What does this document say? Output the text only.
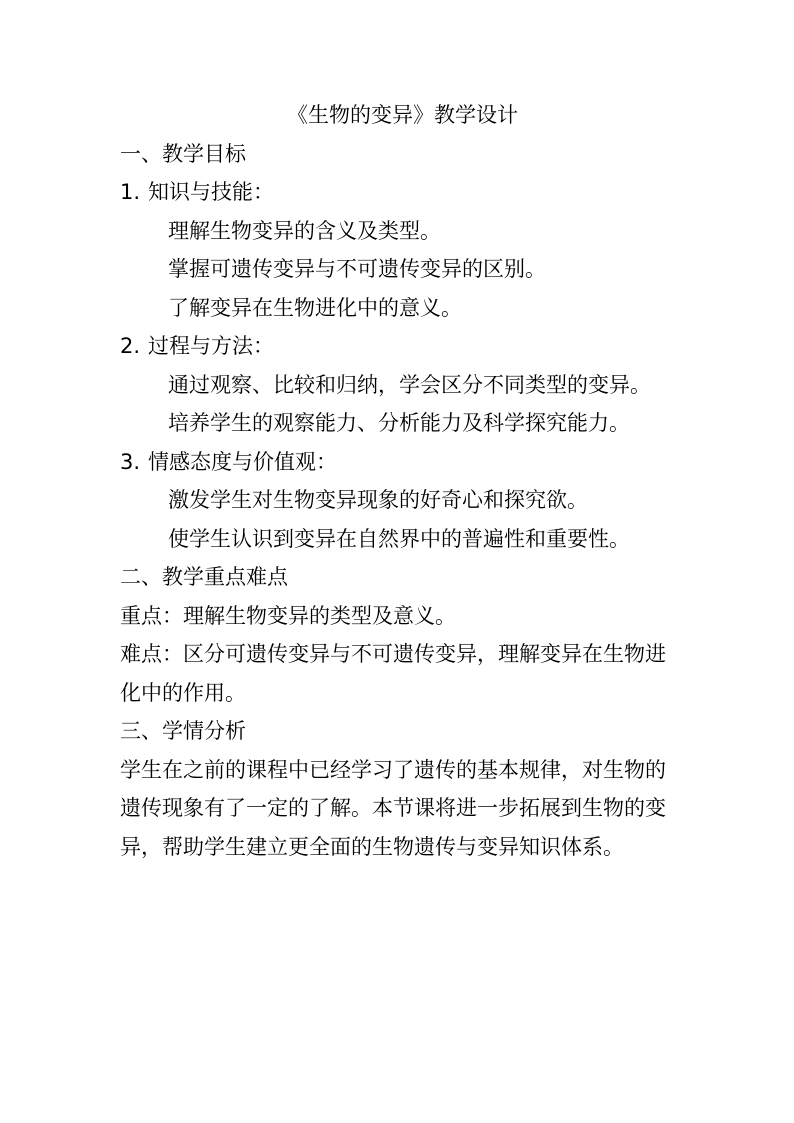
《生物的变异》教学设计

一、教学目标

1. 知识与技能：

理解生物变异的含义及类型。

掌握可遗传变异与不可遗传变异的区别。

了解变异在生物进化中的意义。

2. 过程与方法：

通过观察、比较和归纳，学会区分不同类型的变异。

培养学生的观察能力、分析能力及科学探究能力。

3. 情感态度与价值观：

激发学生对生物变异现象的好奇心和探究欲。

使学生认识到变异在自然界中的普遍性和重要性。

二、教学重点难点

重点：理解生物变异的类型及意义。

难点：区分可遗传变异与不可遗传变异，理解变异在生物进化中的作用。

三、学情分析

学生在之前的课程中已经学习了遗传的基本规律，对生物的遗传现象有了一定的了解。本节课将进一步拓展到生物的变异，帮助学生建立更全面的生物遗传与变异知识体系。
